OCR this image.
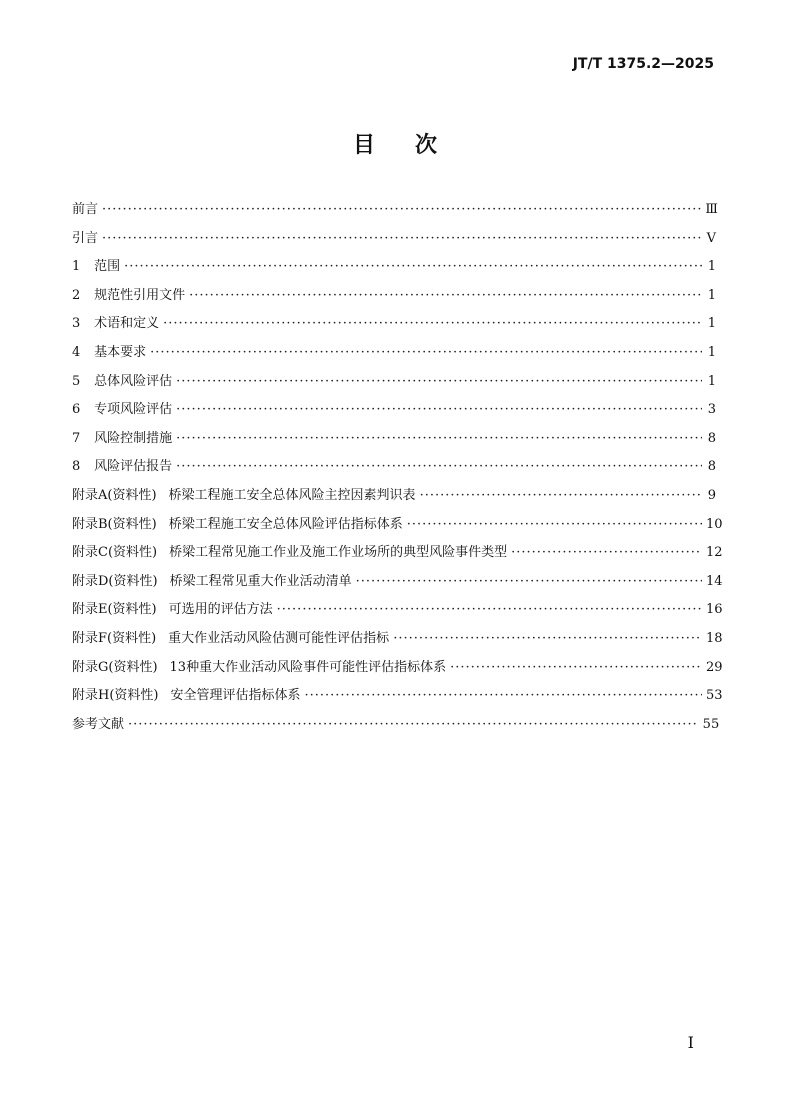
JT/T 1375.2—2025
目 次
前言 ·····	Ⅲ
引言 ·····	V
1 范围 ·····	1
2 规范性引用文件 ·····	1
3 术语和定义 ·····	1
4 基本要求 ·····	1
5 总体风险评估 ·····	1
6 专项风险评估 ·····	3
7 风险控制措施 ·····	8
8 风险评估报告 ·····	8
附录A(资料性) 桥梁工程施工安全总体风险主控因素判识表 ·····	9
附录B(资料性) 桥梁工程施工安全总体风险评估指标体系 ·····	10
附录C(资料性) 桥梁工程常见施工作业及施工作业场所的典型风险事件类型 ·····	12
附录D(资料性) 桥梁工程常见重大作业活动清单 ·····	14
附录E(资料性) 可选用的评估方法 ·····	16
附录F(资料性) 重大作业活动风险估测可能性评估指标 ·····	18
附录G(资料性) 13种重大作业活动风险事件可能性评估指标体系 ·····	29
附录H(资料性) 安全管理评估指标体系 ·····	53
参考文献 ·····	55
I
